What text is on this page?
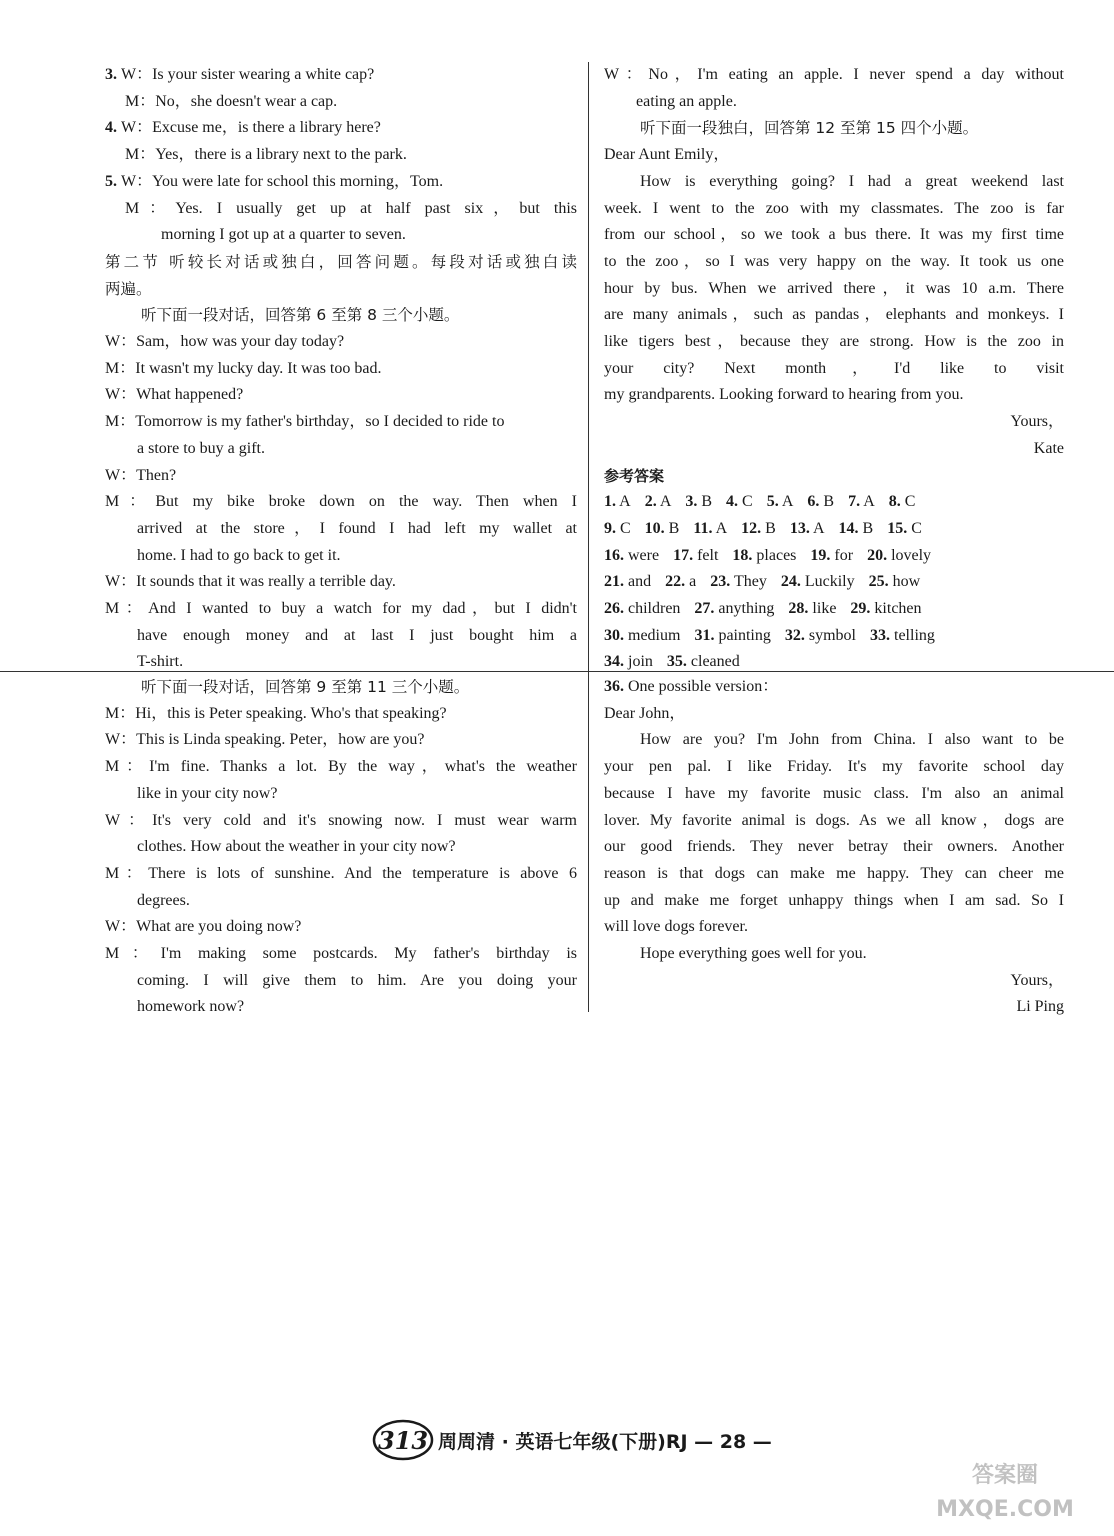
3. W：Is your sister wearing a white cap?
M：No，she doesn't wear a cap.
4. W：Excuse me，is there a library here?
M：Yes，there is a library next to the park.
5. W：You were late for school this morning，Tom.
M：Yes. I usually get up at half past six，but this
morning I got up at a quarter to seven.
第二节 听较长对话或独白，回答问题。每段对话或独白读
两遍。
听下面一段对话，回答第 6 至第 8 三个小题。
W： Sam，how was your day today?
M： It wasn't my lucky day. It was too bad.
W： What happened?
M： Tomorrow is my father's birthday，so I decided to ride to
a store to buy a gift.
W： Then?
M：But my bike broke down on the way. Then when I
arrived at the store，I found I had left my wallet at
home. I had to go back to get it.
W： It sounds that it was really a terrible day.
M：And I wanted to buy a watch for my dad，but I didn't
have enough money and at last I just bought him a
T-shirt.
W：No，I'm eating an apple. I never spend a day without
eating an apple.
听下面一段独白，回答第 12 至第 15 四个小题。
Dear Aunt Emily，
How is everything going? I had a great weekend last
week. I went to the zoo with my classmates. The zoo is far
from our school，so we took a bus there. It was my first time
to the zoo，so I was very happy on the way. It took us one
hour by bus. When we arrived there，it was 10 a.m. There
are many animals，such as pandas，elephants and monkeys. I
like tigers best，because they are strong. How is the zoo in
your city? Next month，I'd like to visit
my grandparents. Looking forward to hearing from you.
Yours，
Kate
参考答案
1. A 2. A 3. B 4. C 5. A 6. B 7. A 8. C
9. C 10. B 11. A 12. B 13. A 14. B 15. C
16. were 17. felt 18. places 19. for 20. lovely
21. and 22. a 23. They 24. Luckily 25. how
26. children 27. anything 28. like 29. kitchen
30. medium 31. painting 32. symbol 33. telling
34. join 35. cleaned
听下面一段对话，回答第 9 至第 11 三个小题。
M：Hi，this is Peter speaking. Who's that speaking?
W：This is Linda speaking. Peter，how are you?
M：I'm fine. Thanks a lot. By the way，what's the weather
like in your city now?
W：It's very cold and it's snowing now. I must wear warm
clothes. How about the weather in your city now?
M：There is lots of sunshine. And the temperature is above 6
degrees.
W：What are you doing now?
M：I'm making some postcards. My father's birthday is
coming. I will give them to him. Are you doing your
homework now?
36. One possible version：
Dear John，
How are you? I'm John from China. I also want to be
your pen pal. I like Friday. It's my favorite school day
because I have my favorite music class. I'm also an animal
lover. My favorite animal is dogs. As we all know，dogs are
our good friends. They never betray their owners. Another
reason is that dogs can make me happy. They can cheer me
up and make me forget unhappy things when I am sad. So I
will love dogs forever.
Hope everything goes well for you.
Yours，
Li Ping
313 周周清 · 英语七年级(下册)RJ — 28 —
答案圈
MXQE.COM
